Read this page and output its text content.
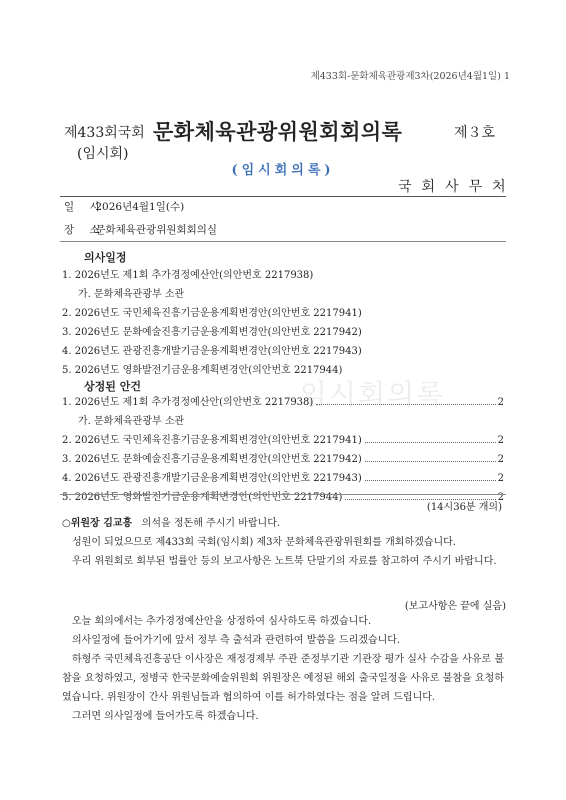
제433회-문화체육관광제3차(2026년4월1일) 1
제433회국회 문화체육관광위원회회의록	제３호
(임시회)
(임시회의록)
국회사무처
일 시 2026년4월1일(수)
장 소 문화체육관광위원회회의실
의사일정
1. 2026년도 제1회 추가경정예산안(의안번호 2217938)
가. 문화체육관광부 소관
2. 2026년도 국민체육진흥기금운용계획변경안(의안번호 2217941)
3. 2026년도 문화예술진흥기금운용계획변경안(의안번호 2217942)
4. 2026년도 관광진흥개발기금운용계획변경안(의안번호 2217943)
5. 2026년도 영화발전기금운용계획변경안(의안번호 2217944)
임시회의록
상정된 안건
1. 2026년도 제1회 추가경정예산안(의안번호 2217938)	2
가. 문화체육관광부 소관
2. 2026년도 국민체육진흥기금운용계획변경안(의안번호 2217941)	2
3. 2026년도 문화예술진흥기금운용계획변경안(의안번호 2217942)	2
4. 2026년도 관광진흥개발기금운용계획변경안(의안번호 2217943)	2
5. 2026년도 영화발전기금운용계획변경안(의안번호 2217944)	2
(14시36분 개의)
○위원장 김교흥 의석을 정돈해 주시기 바랍니다.
성원이 되었으므로 제433회 국회(임시회) 제3차 문화체육관광위원회를 개회하겠습니다.
우리 위원회로 회부된 법률안 등의 보고사항은 노트북 단말기의 자료를 참고하여 주시기 바랍니다.
(보고사항은 끝에 실음)
오늘 회의에서는 추가경정예산안을 상정하여 심사하도록 하겠습니다.
의사일정에 들어가기에 앞서 정부 측 출석과 관련하여 발씀을 드리겠습니다.
하형주 국민체육진흥공단 이사장은 재정경제부 주관 준정부기관 기관장 평가 실사 수감을 사유로 불참을 요청하였고, 정병국 한국문화예술위원회 위원장은 예정된 해외 출국일정을 사유로 불참을 요청하였습니다. 위원장이 간사 위원님들과 협의하여 이를 허가하였다는 점을 알려 드립니다.
그러면 의사일정에 들어가도록 하겠습니다.
